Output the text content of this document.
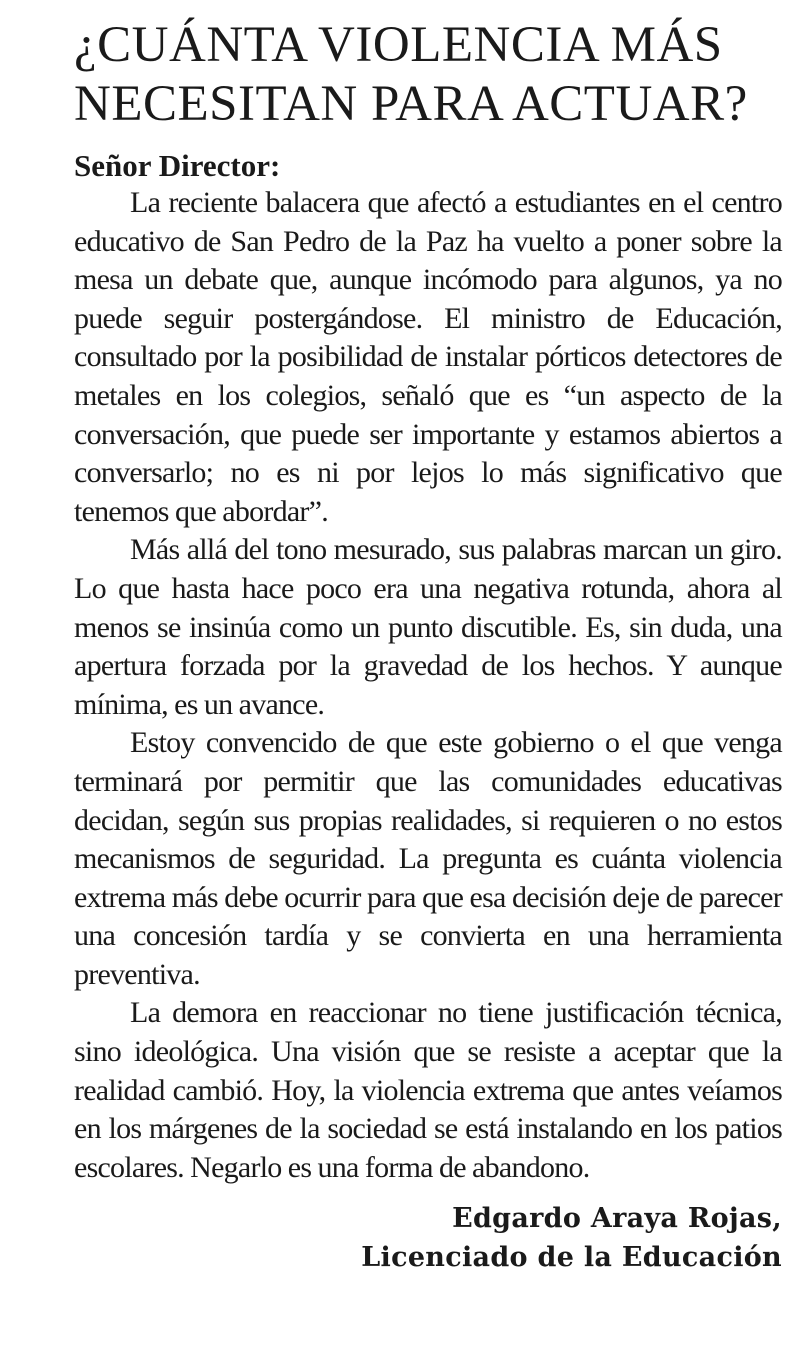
¿CUÁNTA VIOLENCIA MÁS
NECESITAN PARA ACTUAR?
Señor Director:

La reciente balacera que afectó a estudiantes en el centro educativo de San Pedro de la Paz ha vuelto a poner sobre la mesa un debate que, aunque incómodo para algunos, ya no puede seguir postergándose. El ministro de Educación, consultado por la posibilidad de instalar pórticos detectores de metales en los colegios, señaló que es “un aspecto de la conversación, que puede ser importante y estamos abiertos a conversarlo; no es ni por lejos lo más significativo que tenemos que abordar”.

Más allá del tono mesurado, sus palabras marcan un giro. Lo que hasta hace poco era una negativa rotunda, ahora al menos se insinúa como un punto discutible. Es, sin duda, una apertura forzada por la gravedad de los hechos. Y aunque mínima, es un avance.

Estoy convencido de que este gobierno o el que venga terminará por permitir que las comunidades educativas decidan, según sus propias realidades, si requieren o no estos mecanismos de seguridad. La pregunta es cuánta violencia extrema más debe ocurrir para que esa decisión deje de parecer una concesión tardía y se convierta en una herramienta preventiva.

La demora en reaccionar no tiene justificación técnica, sino ideológica. Una visión que se resiste a aceptar que la realidad cambió. Hoy, la violencia extrema que antes veíamos en los márgenes de la sociedad se está instalando en los patios escolares. Negarlo es una forma de abandono.

Edgardo Araya Rojas,
Licenciado de la Educación
